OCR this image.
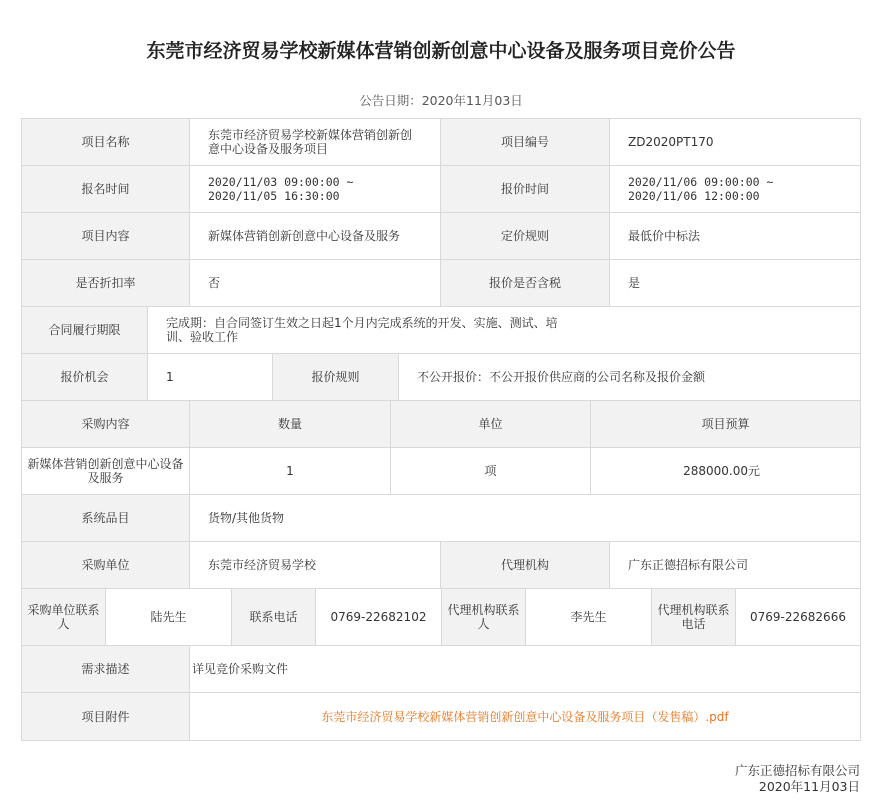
东莞市经济贸易学校新媒体营销创新创意中心设备及服务项目竞价公告
公告日期：2020年11月03日
项目名称	东莞市经济贸易学校新媒体营销创新创意中心设备及服务项目	项目编号	ZD2020PT170
报名时间	2020/11/03 09:00:00 ~ 2020/11/05 16:30:00	报价时间	2020/11/06 09:00:00 ~ 2020/11/06 12:00:00
项目内容	新媒体营销创新创意中心设备及服务	定价规则	最低价中标法
是否折扣率	否	报价是否含税	是
合同履行期限	完成期：自合同签订生效之日起1个月内完成系统的开发、实施、测试、培训、验收工作
报价机会	1	报价规则	不公开报价：不公开报价供应商的公司名称及报价金额
采购内容	数量	单位	项目预算
新媒体营销创新创意中心设备及服务	1	项	288000.00元
系统品目	货物/其他货物
采购单位	东莞市经济贸易学校	代理机构	广东正德招标有限公司
采购单位联系人	陆先生	联系电话	0769-22682102	代理机构联系人	李先生	代理机构联系电话	0769-22682666
需求描述	详见竞价采购文件
项目附件	东莞市经济贸易学校新媒体营销创新创意中心设备及服务项目（发售稿）.pdf
广东正德招标有限公司
2020年11月03日
